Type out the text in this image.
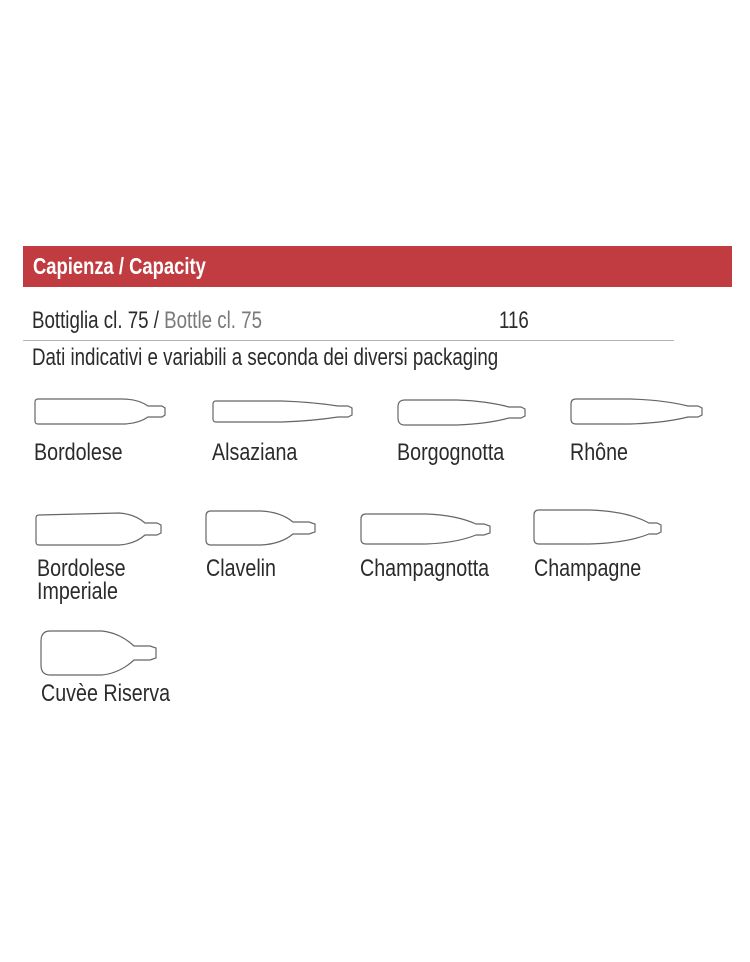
Capienza / Capacity
Bottiglia cl. 75 / Bottle cl. 75	116
Dati indicativi e variabili a seconda dei diversi packaging
Bordolese	Alsaziana	Borgognotta	Rhône
Bordolese
Imperiale
Clavelin	Champagnotta	Champagne
Cuvèe Riserva
